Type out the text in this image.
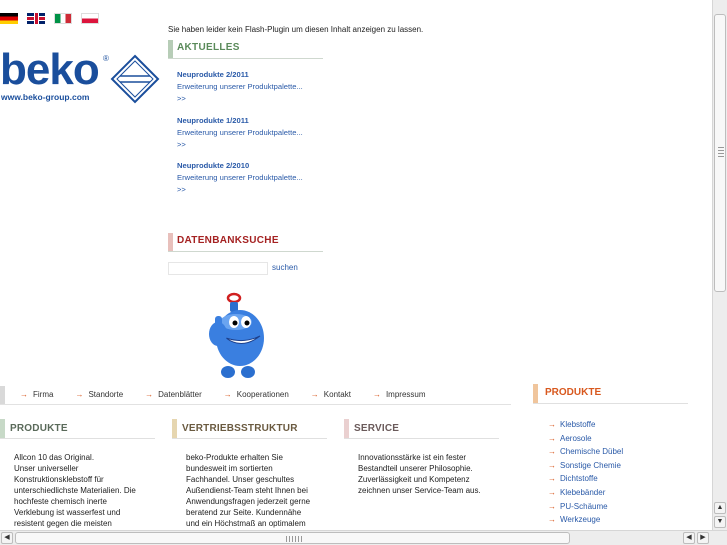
beko ®
www.beko-group.com
Sie haben leider kein Flash-Plugin um diesen Inhalt anzeigen zu lassen.
AKTUELLES
Neuprodukte 2/2011
Erweiterung unserer Produktpalette...
>>
Neuprodukte 1/2011
Erweiterung unserer Produktpalette...
>>
Neuprodukte 2/2010
Erweiterung unserer Produktpalette...
>>
DATENBANKSUCHE
suchen
→ Firma	→ Standorte	→ Datenblätter	→ Kooperationen	→ Kontakt	→ Impressum
PRODUKTE
Allcon 10 das Original.
Unser universeller
Konstruktionsklebstoff für
unterschiedlichste Materialien. Die
hochfeste chemisch inerte
Verklebung ist wasserfest und
resistent gegen die meisten
VERTRIEBSSTRUKTUR
beko-Produkte erhalten Sie
bundesweit im sortierten
Fachhandel. Unser geschultes
Außendienst-Team steht Ihnen bei
Anwendungsfragen jederzeit gerne
beratend zur Seite. Kundennähe
und ein Höchstmaß an optimalem
SERVICE
Innovationsstärke ist ein fester
Bestandteil unserer Philosophie.
Zuverlässigkeit und Kompetenz
zeichnen unser Service-Team aus.
PRODUKTE
→ Klebstoffe
→ Aerosole
→ Chemische Dübel
→ Sonstige Chemie
→ Dichtstoffe
→ Klebebänder
→ PU-Schäume
→ Werkzeuge
▲
▼
◀	◀	▶
